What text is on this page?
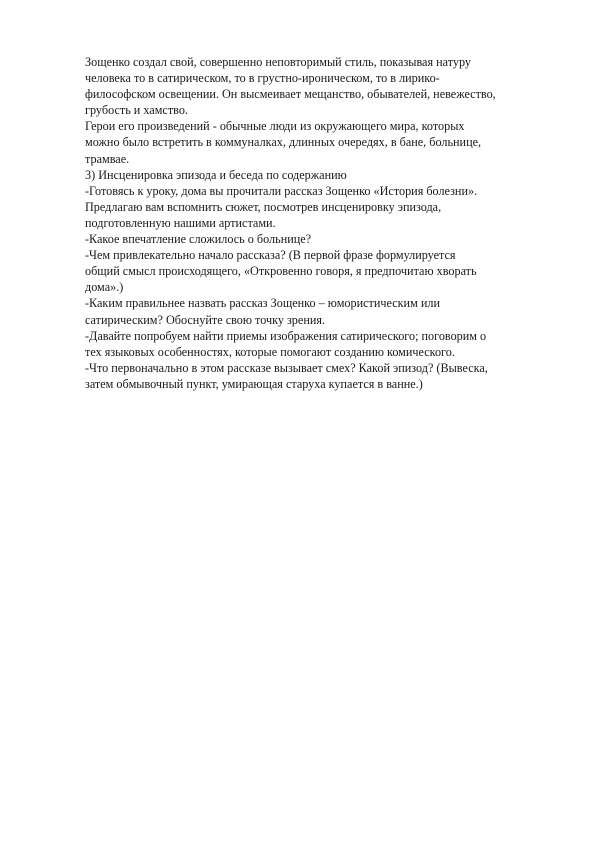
Зощенко создал свой, совершенно неповторимый стиль, показывая натуру
человека то в сатирическом, то в грустно-ироническом, то в лирико-
философском освещении. Он высмеивает мещанство, обывателей, невежество,
грубость и хамство.
Герои его произведений - обычные люди из окружающего мира, которых
можно было встретить в коммуналках, длинных очередях, в бане, больнице,
трамвае.
3) Инсценировка эпизода и беседа по содержанию
-Готовясь к уроку, дома вы прочитали рассказ Зощенко «История болезни».
Предлагаю вам вспомнить сюжет, посмотрев инсценировку эпизода,
подготовленную нашими артистами.
-Какое впечатление сложилось о больнице?
-Чем привлекательно начало рассказа? (В первой фразе формулируется
общий смысл происходящего, «Откровенно говоря, я предпочитаю хворать
дома».)
-Каким правильнее назвать рассказ Зощенко – юмористическим или
сатирическим? Обоснуйте свою точку зрения.
-Давайте попробуем найти приемы изображения сатирического; поговорим о
тех языковых особенностях, которые помогают созданию комического.
-Что первоначально в этом рассказе вызывает смех? Какой эпизод? (Вывеска,
затем обмывочный пункт, умирающая старуха купается в ванне.)
